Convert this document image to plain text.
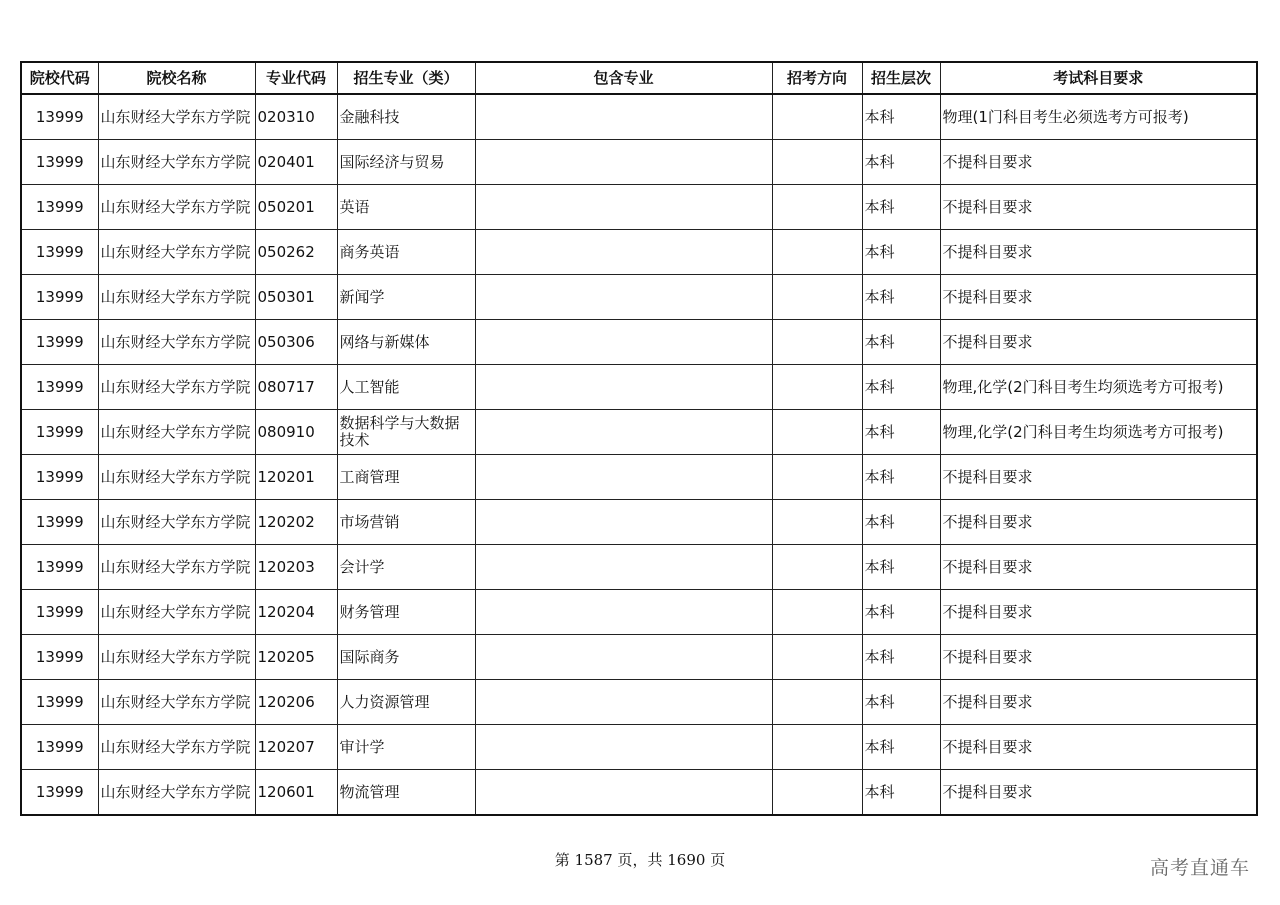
院校代码	院校名称	专业代码	招生专业（类）	包含专业	招考方向	招生层次	考试科目要求
13999	山东财经大学东方学院	020310	金融科技			本科	物理(1门科目考生必须选考方可报考)
13999	山东财经大学东方学院	020401	国际经济与贸易			本科	不提科目要求
13999	山东财经大学东方学院	050201	英语			本科	不提科目要求
13999	山东财经大学东方学院	050262	商务英语			本科	不提科目要求
13999	山东财经大学东方学院	050301	新闻学			本科	不提科目要求
13999	山东财经大学东方学院	050306	网络与新媒体			本科	不提科目要求
13999	山东财经大学东方学院	080717	人工智能			本科	物理,化学(2门科目考生均须选考方可报考)
13999	山东财经大学东方学院	080910	数据科学与大数据技术			本科	物理,化学(2门科目考生均须选考方可报考)
13999	山东财经大学东方学院	120201	工商管理			本科	不提科目要求
13999	山东财经大学东方学院	120202	市场营销			本科	不提科目要求
13999	山东财经大学东方学院	120203	会计学			本科	不提科目要求
13999	山东财经大学东方学院	120204	财务管理			本科	不提科目要求
13999	山东财经大学东方学院	120205	国际商务			本科	不提科目要求
13999	山东财经大学东方学院	120206	人力资源管理			本科	不提科目要求
13999	山东财经大学东方学院	120207	审计学			本科	不提科目要求
13999	山东财经大学东方学院	120601	物流管理			本科	不提科目要求
第 1587 页，共 1690 页	高考直通车
